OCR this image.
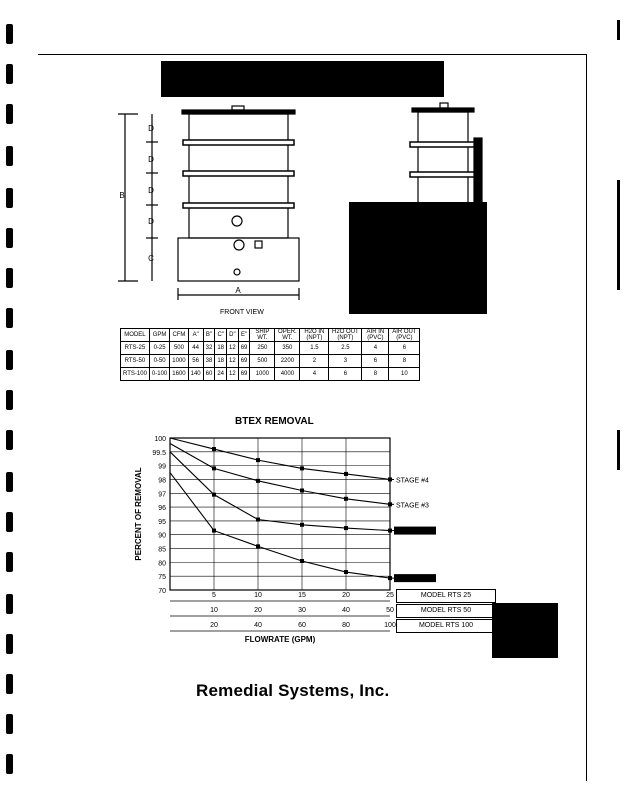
FRONT VIEW
D
D
D
D
C
B
A
MODEL	GPM	CFM	A"	B"	C"	D"	E"	SHIP WT.	OPER. WT.	H2O IN (NPT)	H2O OUT (NPT)	AIR IN (PVC)	AIR OUT (PVC)
RTS-25	0-25	500	44	32	18	12	69	250	350	1.5	2.5	4	6
RTS-50	0-50	1000	56	38	18	12	69	500	2200	2	3	6	8
RTS-100	0-100	1600	140	60	24	12	69	1000	4000	4	6	8	10
BTEX REMOVAL
100
99.5
99
98
97
96
95
90
85
80
75
70
PERCENT OF REMOVAL
5	10	15	20	25
10	20	30	40	50
20	40	60	80	100
FLOWRATE (GPM)
STAGE #4
STAGE #3
MODEL RTS 25
MODEL RTS 50
MODEL RTS 100
Remedial Systems, Inc.
